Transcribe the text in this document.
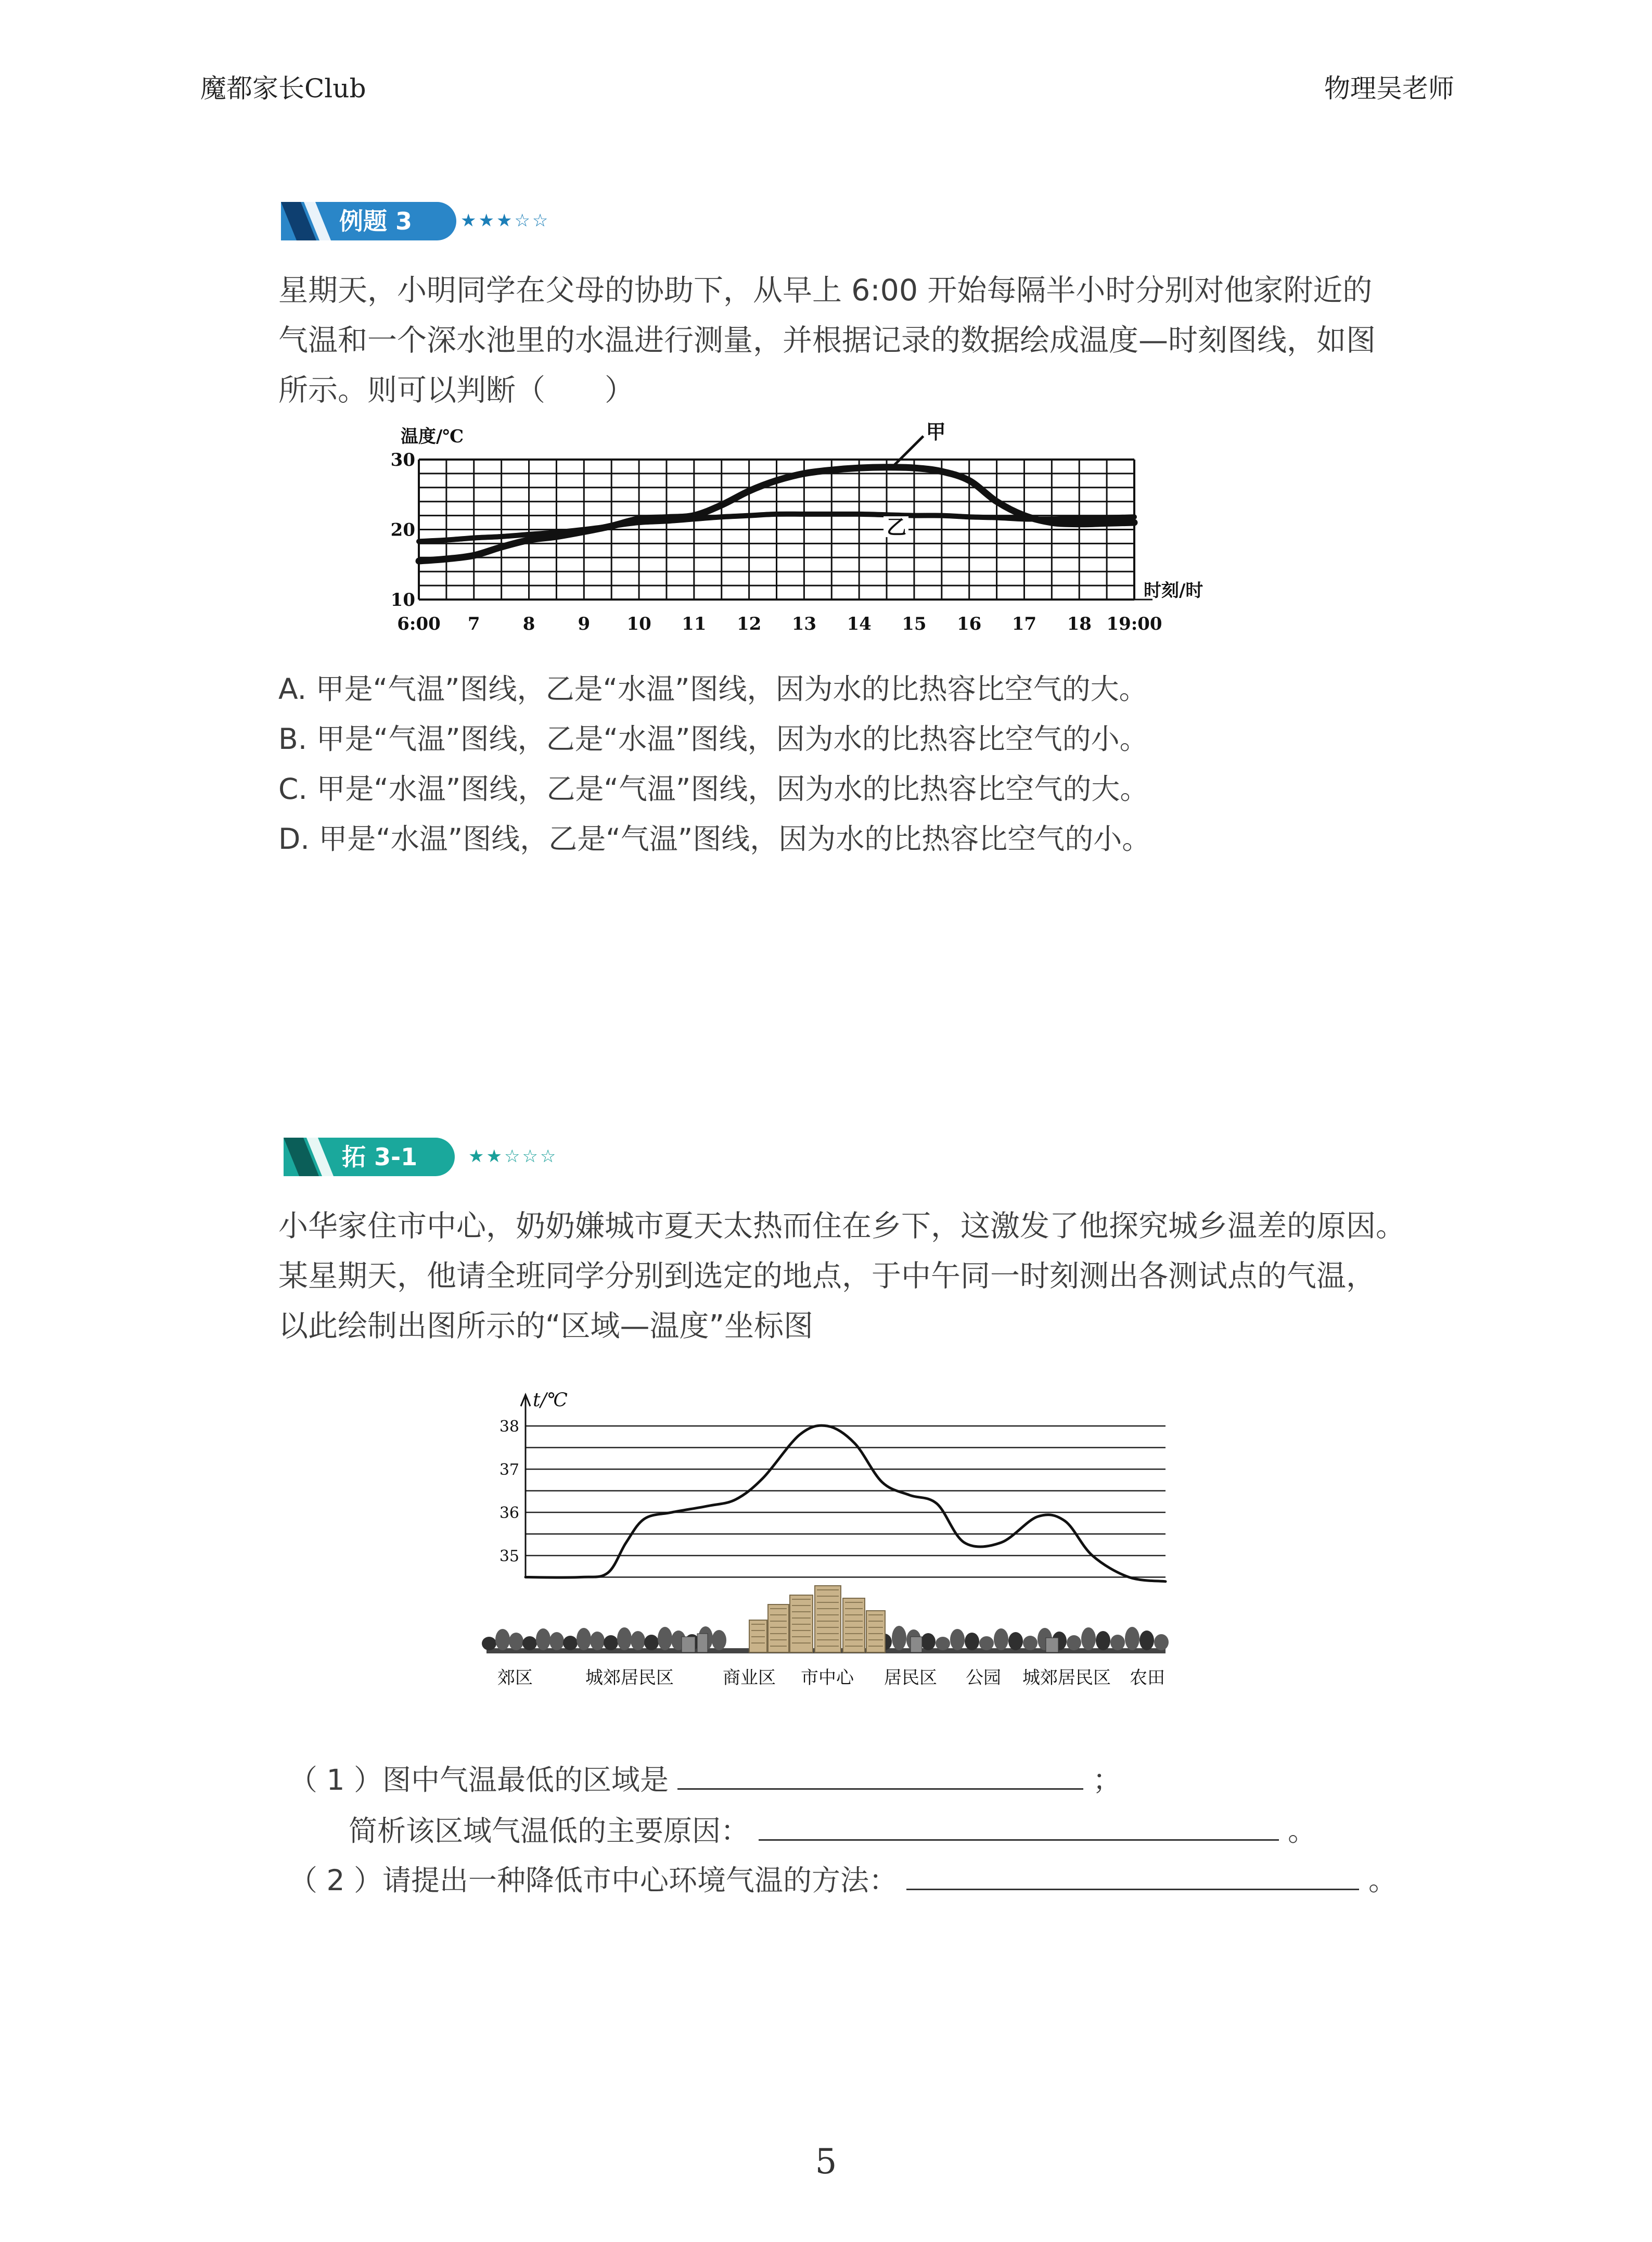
魔都家长Club	物理吴老师
例题 3	★★★☆☆
星期天，小明同学在父母的协助下，从早上 6:00 开始每隔半小时分别对他家附近的
气温和一个深水池里的水温进行测量，并根据记录的数据绘成温度—时刻图线，如图
所示。则可以判断（　　）
温度/℃
10
20
30
6:00 7 8 9 10 11 12 13 14 15 16 17 18 19:00
时刻/时
甲
乙
A. 甲是“气温”图线，乙是“水温”图线，因为水的比热容比空气的大。
B. 甲是“气温”图线，乙是“水温”图线，因为水的比热容比空气的小。
C. 甲是“水温”图线，乙是“气温”图线，因为水的比热容比空气的大。
D. 甲是“水温”图线，乙是“气温”图线，因为水的比热容比空气的小。
拓 3-1	★★☆☆☆
小华家住市中心，奶奶嫌城市夏天太热而住在乡下，这激发了他探究城乡温差的原因。
某星期天，他请全班同学分别到选定的地点，于中午同一时刻测出各测试点的气温，
以此绘制出图所示的“区域—温度”坐标图
t/℃
35
36
37
38
郊区	城郊居民区	商业区 市中心 居民区 公园 城郊居民区 农田
（ 1 ）图中气温最低的区域是	；
简析该区域气温低的主要原因：	。
（ 2 ）请提出一种降低市中心环境气温的方法：	。
5
